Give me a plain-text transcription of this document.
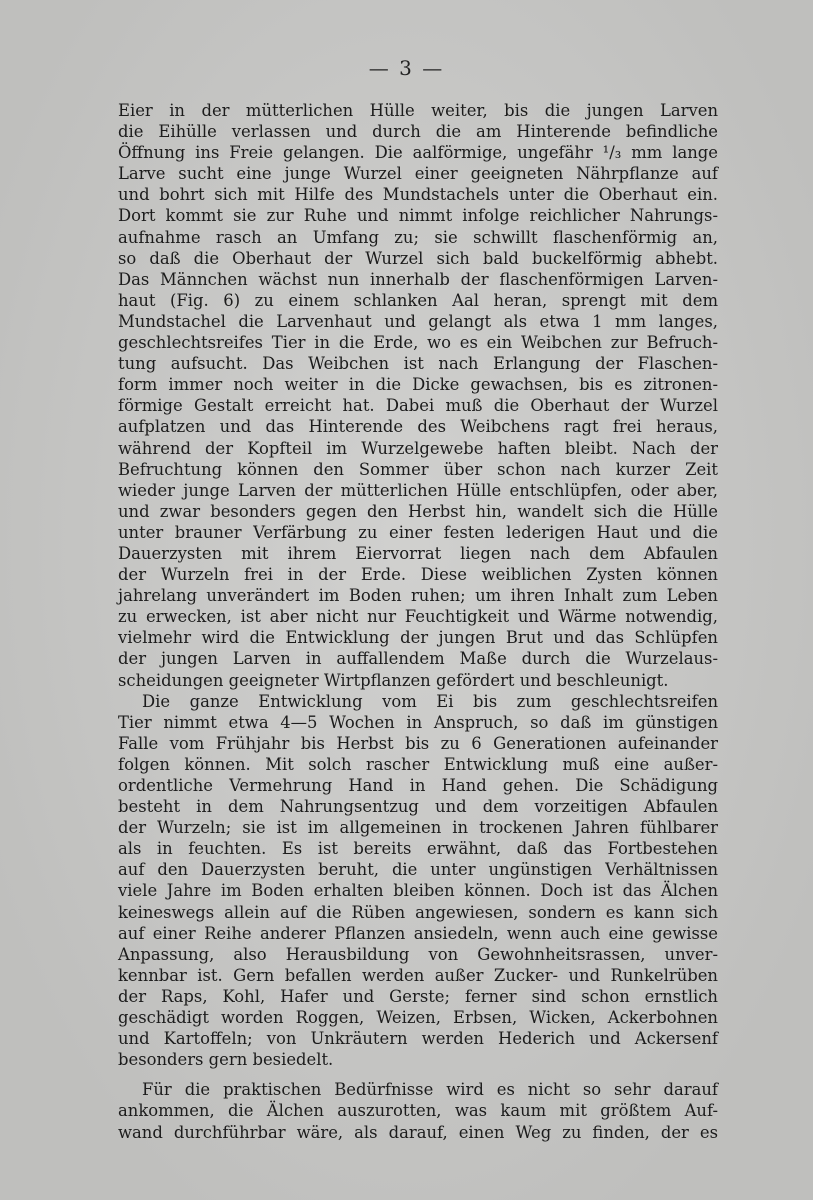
— 3 —
Eier in der mütterlichen Hülle weiter, bis die jungen Larven
die Eihülle verlassen und durch die am Hinterende befindliche
Öffnung ins Freie gelangen. Die aalförmige, ungefähr ¹/₃ mm lange
Larve sucht eine junge Wurzel einer geeigneten Nährpflanze auf
und bohrt sich mit Hilfe des Mundstachels unter die Oberhaut ein.
Dort kommt sie zur Ruhe und nimmt infolge reichlicher Nahrungs-
aufnahme rasch an Umfang zu; sie schwillt flaschenförmig an,
so daß die Oberhaut der Wurzel sich bald buckelförmig abhebt.
Das Männchen wächst nun innerhalb der flaschenförmigen Larven-
haut (Fig. 6) zu einem schlanken Aal heran, sprengt mit dem
Mundstachel die Larvenhaut und gelangt als etwa 1 mm langes,
geschlechtsreifes Tier in die Erde, wo es ein Weibchen zur Befruch-
tung aufsucht. Das Weibchen ist nach Erlangung der Flaschen-
form immer noch weiter in die Dicke gewachsen, bis es zitronen-
förmige Gestalt erreicht hat. Dabei muß die Oberhaut der Wurzel
aufplatzen und das Hinterende des Weibchens ragt frei heraus,
während der Kopfteil im Wurzelgewebe haften bleibt. Nach der
Befruchtung können den Sommer über schon nach kurzer Zeit
wieder junge Larven der mütterlichen Hülle entschlüpfen, oder aber,
und zwar besonders gegen den Herbst hin, wandelt sich die Hülle
unter brauner Verfärbung zu einer festen lederigen Haut und die
Dauerzysten mit ihrem Eiervorrat liegen nach dem Abfaulen
der Wurzeln frei in der Erde. Diese weiblichen Zysten können
jahrelang unverändert im Boden ruhen; um ihren Inhalt zum Leben
zu erwecken, ist aber nicht nur Feuchtigkeit und Wärme notwendig,
vielmehr wird die Entwicklung der jungen Brut und das Schlüpfen
der jungen Larven in auffallendem Maße durch die Wurzelaus-
scheidungen geeigneter Wirtpflanzen gefördert und beschleunigt.
Die ganze Entwicklung vom Ei bis zum geschlechtsreifen
Tier nimmt etwa 4—5 Wochen in Anspruch, so daß im günstigen
Falle vom Frühjahr bis Herbst bis zu 6 Generationen aufeinander
folgen können. Mit solch rascher Entwicklung muß eine außer-
ordentliche Vermehrung Hand in Hand gehen. Die Schädigung
besteht in dem Nahrungsentzug und dem vorzeitigen Abfaulen
der Wurzeln; sie ist im allgemeinen in trockenen Jahren fühlbarer
als in feuchten. Es ist bereits erwähnt, daß das Fortbestehen
auf den Dauerzysten beruht, die unter ungünstigen Verhältnissen
viele Jahre im Boden erhalten bleiben können. Doch ist das Älchen
keineswegs allein auf die Rüben angewiesen, sondern es kann sich
auf einer Reihe anderer Pflanzen ansiedeln, wenn auch eine gewisse
Anpassung, also Herausbildung von Gewohnheitsrassen, unver-
kennbar ist. Gern befallen werden außer Zucker- und Runkelrüben
der Raps, Kohl, Hafer und Gerste; ferner sind schon ernstlich
geschädigt worden Roggen, Weizen, Erbsen, Wicken, Ackerbohnen
und Kartoffeln; von Unkräutern werden Hederich und Ackersenf
besonders gern besiedelt.
Für die praktischen Bedürfnisse wird es nicht so sehr darauf
ankommen, die Älchen auszurotten, was kaum mit größtem Auf-
wand durchführbar wäre, als darauf, einen Weg zu finden, der es
